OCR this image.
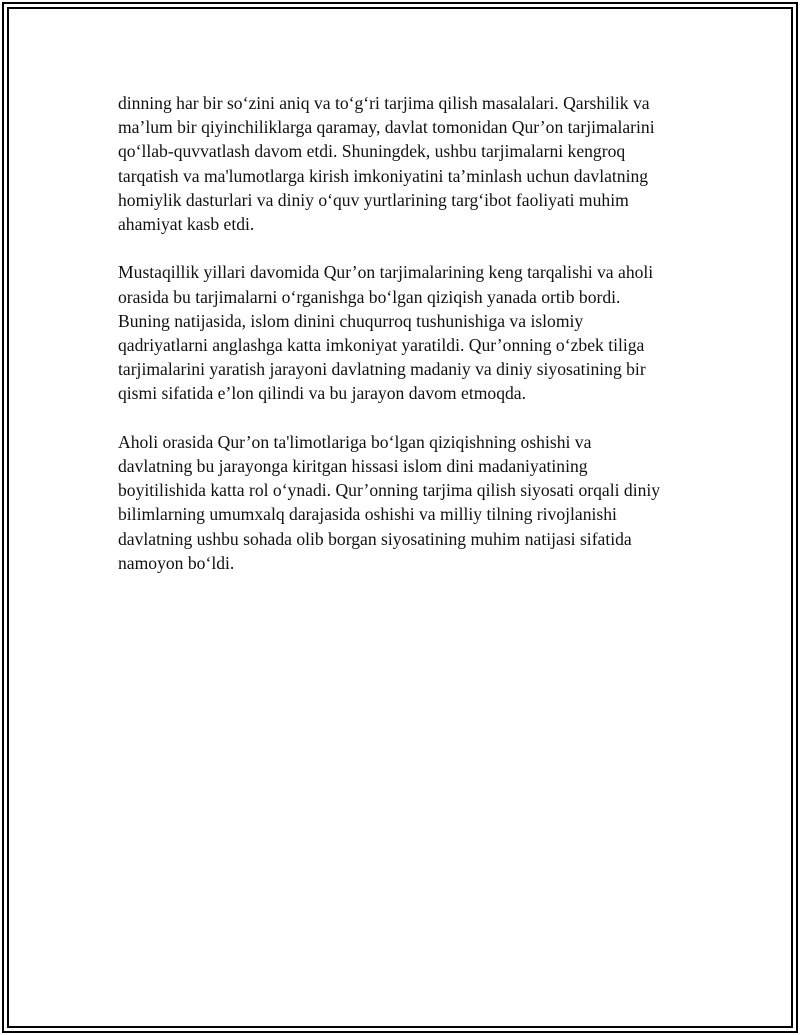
dinning har bir so‘zini aniq va to‘g‘ri tarjima qilish masalalari. Qarshilik va
ma’lum bir qiyinchiliklarga qaramay, davlat tomonidan Qur’on tarjimalarini
qo‘llab-quvvatlash davom etdi. Shuningdek, ushbu tarjimalarni kengroq
tarqatish va ma'lumotlarga kirish imkoniyatini ta’minlash uchun davlatning
homiylik dasturlari va diniy o‘quv yurtlarining targ‘ibot faoliyati muhim
ahamiyat kasb etdi.

Mustaqillik yillari davomida Qur’on tarjimalarining keng tarqalishi va aholi
orasida bu tarjimalarni o‘rganishga bo‘lgan qiziqish yanada ortib bordi.
Buning natijasida, islom dinini chuqurroq tushunishiga va islomiy
qadriyatlarni anglashga katta imkoniyat yaratildi. Qur’onning o‘zbek tiliga
tarjimalarini yaratish jarayoni davlatning madaniy va diniy siyosatining bir
qismi sifatida e’lon qilindi va bu jarayon davom etmoqda.

Aholi orasida Qur’on ta'limotlariga bo‘lgan qiziqishning oshishi va
davlatning bu jarayonga kiritgan hissasi islom dini madaniyatining
boyitilishida katta rol o‘ynadi. Qur’onning tarjima qilish siyosati orqali diniy
bilimlarning umumxalq darajasida oshishi va milliy tilning rivojlanishi
davlatning ushbu sohada olib borgan siyosatining muhim natijasi sifatida
namoyon bo‘ldi.
